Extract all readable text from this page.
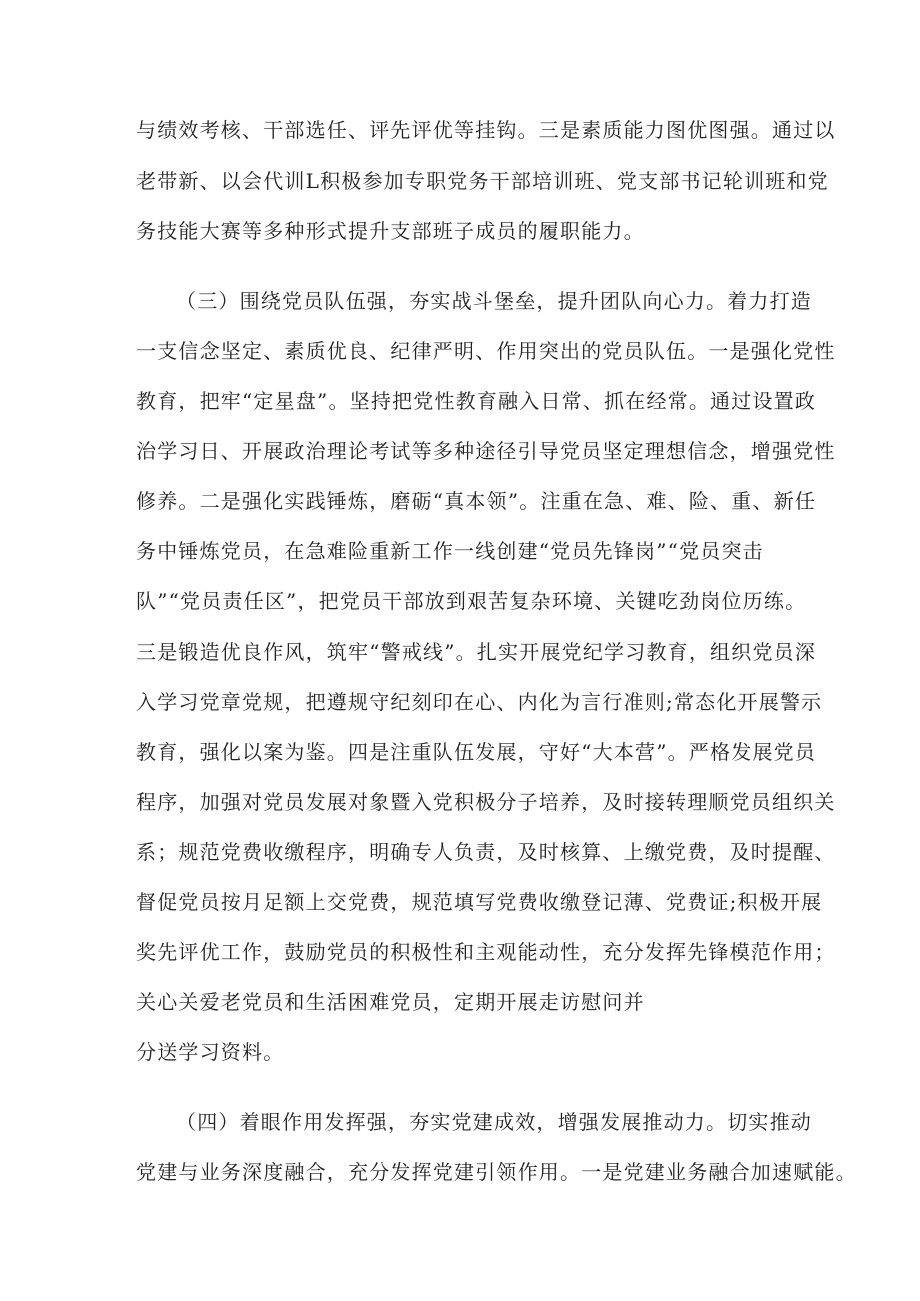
与绩效考核、干部选任、评先评优等挂钩。三是素质能力图优图强。通过以
老带新、以会代训L积极参加专职党务干部培训班、党支部书记轮训班和党
务技能大赛等多种形式提升支部班子成员的履职能力。
（三）围绕党员队伍强，夯实战斗堡垒，提升团队向心力。着力打造
一支信念坚定、素质优良、纪律严明、作用突出的党员队伍。一是强化党性
教育，把牢“定星盘”。坚持把党性教育融入日常、抓在经常。通过设置政
治学习日、开展政治理论考试等多种途径引导党员坚定理想信念，增强党性
修养。二是强化实践锤炼，磨砺“真本领”。注重在急、难、险、重、新任
务中锤炼党员，在急难险重新工作一线创建“党员先锋岗”“党员突击
队”“党员责任区”，把党员干部放到艰苦复杂环境、关键吃劲岗位历练。
三是锻造优良作风，筑牢“警戒线”。扎实开展党纪学习教育，组织党员深
入学习党章党规，把遵规守纪刻印在心、内化为言行准则;常态化开展警示
教育，强化以案为鉴。四是注重队伍发展，守好“大本营”。严格发展党员
程序，加强对党员发展对象暨入党积极分子培养，及时接转理顺党员组织关
系；规范党费收缴程序，明确专人负责，及时核算、上缴党费，及时提醒、
督促党员按月足额上交党费，规范填写党费收缴登记薄、党费证;积极开展
奖先评优工作，鼓励党员的积极性和主观能动性，充分发挥先锋模范作用；
关心关爱老党员和生活困难党员，定期开展走访慰问并
分送学习资料。
（四）着眼作用发挥强，夯实党建成效，增强发展推动力。切实推动
党建与业务深度融合，充分发挥党建引领作用。一是党建业务融合加速赋能。
